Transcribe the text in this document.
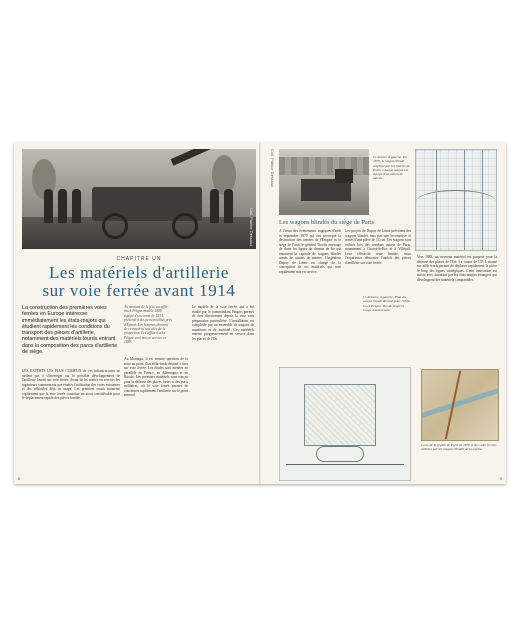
Coll. Patrice Dessoux
CHAPITRE UN
Les matériels d'artillerie
sur voie ferrée avant 1914
La construction des premières voies ferrées en Europe intéresse immédiatement les états-majors qui étudient rapidement les conditions du transport des pièces d'artillerie, notamment des matériels lourds entrant dans la composition des parcs d'artillerie de siège.
Au moment de la fête, un affût-truck Péigne modèle 1888 équipé d'un canon de 155 L présenté à des personnalités près d'Épinal. Les hommes donnent de ce matériel une idée de la proportion. Les affûts-trucks Péigne sont mis en service en 1888.

LES EXPERTS LES PLUS CURIEUX de ces infrastructures ne tardent pas à s'interroger sur le possible développement de l'artillerie lourde sur voie ferrée. Avant de les mettre en service, les ingénieurs commencent par étudier l'utilisation des voies existantes et des véhicules déjà en usage. Les premiers essais montrent rapidement que la voie ferrée constitue un atout considérable pour le déplacement rapide des pièces lourdes.

Au Montagu, il est ensuite question de la mise au point d'un affût-truck destiné à tirer sur voie ferrée. Les études sont menées en parallèle en France, en Allemagne et en Russie. Les premiers matériels sont conçus pour la défense des places fortes et des ports militaires, où la voie ferrée permet de concentrer rapidement l'artillerie sur le point menacé.

Le modèle de la voie ferrée, qui a été étudié par le commandant Péigne, permet de tirer directement depuis la voie sans préparation particulière. L'installation est complétée par un ensemble de wagons de munitions et de matériel. Ces matériels entrent progressivement en service dans les places de l'Est.

8
Coll. Patrice Dessoux	Ci-dessus, à gauche. En 1870, le wagon blindé employé par les marins de Paris. Chaque wagon est équipé d'un canon de marine.
Les wagons blindés du siège de Paris

À l'issue des événements tragiques d'août et septembre 1870 qui ont provoqué la destruction des armées de l'Empire et le siège de Paris, le général Trochu envisage de doter les lignes de chemin de fer qui entourent la capitale de wagons blindés armés de canons de marine. L'ingénieur Dupuy de Lôme est chargé de la conception de ces matériels qui sont rapidement mis en service.

Les projets de Dupuy de Lôme prévoient des wagons blindés mus par une locomotive et armés d'une pièce de 14 cm. Ces wagons sont utilisés lors des combats autour de Paris, notamment à Choisy-le-Roi et à Villejuif. Leur efficacité reste limitée, mais l'expérience démontre l'intérêt des pièces d'artillerie sur voie ferrée.

Ci-dessous, à gauche. Plan du wagon blindé dessiné pour l'affût-truck Péigne. Vue de profil et coupe transversale.

Vers 1888, un nouveau matériel est proposé pour la défense des places de l'Est. Le canon de 155 L monté sur affût-truck permet de déplacer rapidement la pièce le long des lignes stratégiques. Cette innovation est suivie avec attention par les états-majors étrangers qui développent des matériels comparables.

Carte de la région de Paris en 1870 et des voies ferrées utilisées par les wagons blindés de la marine.
9
